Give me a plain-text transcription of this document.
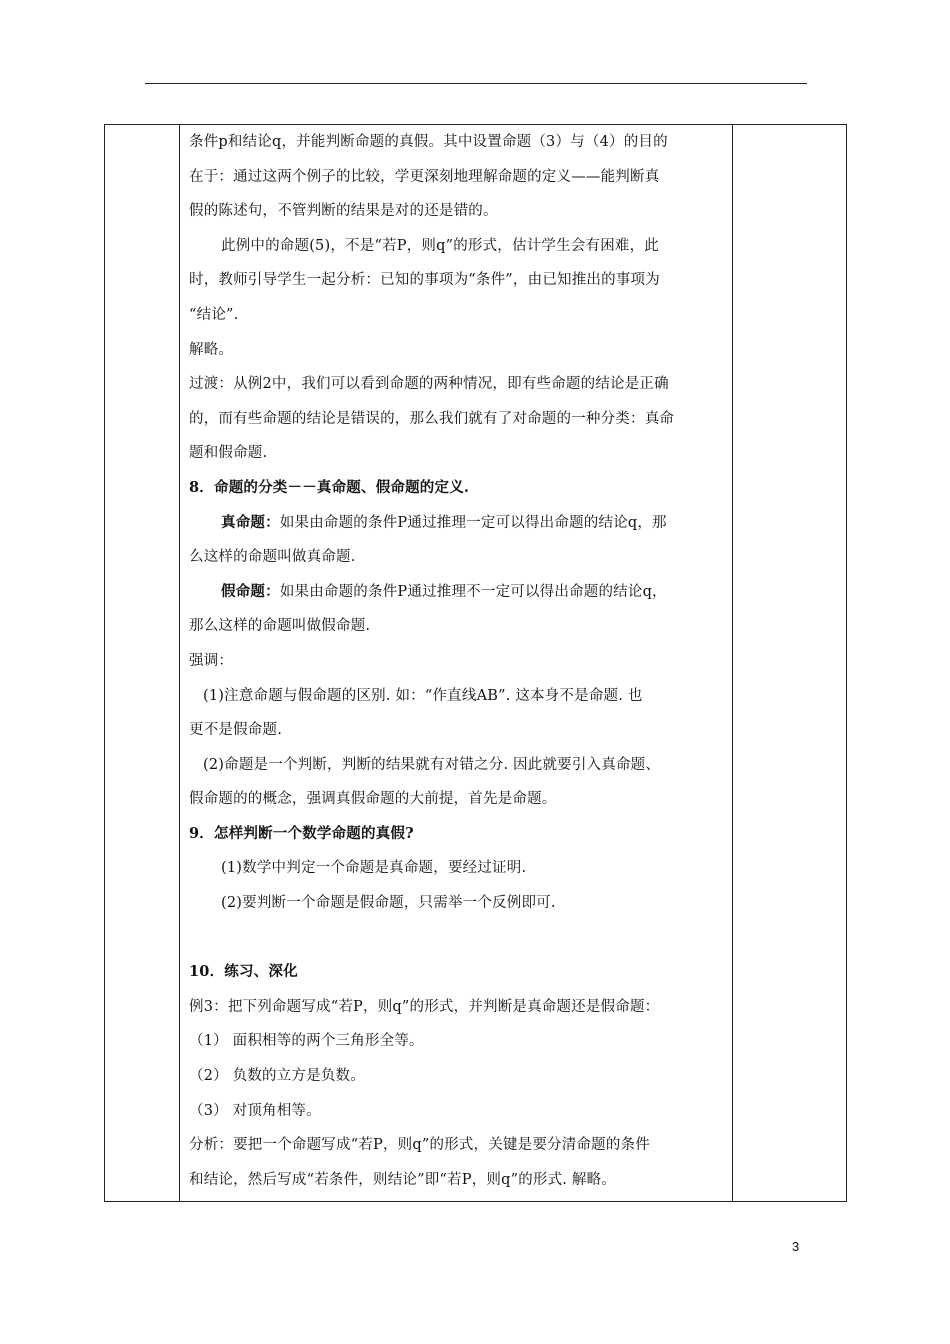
条件p和结论q，并能判断命题的真假。其中设置命题（3）与（4）的目的
在于：通过这两个例子的比较，学更深刻地理解命题的定义——能判断真
假的陈述句，不管判断的结果是对的还是错的。
此例中的命题(5)，不是“若P，则q”的形式，估计学生会有困难，此
时，教师引导学生一起分析：已知的事项为“条件”，由已知推出的事项为
“结论”.
解略。
过渡：从例2中，我们可以看到命题的两种情况，即有些命题的结论是正确
的，而有些命题的结论是错误的，那么我们就有了对命题的一种分类：真命
题和假命题.
8．命题的分类－－真命题、假命题的定义.
真命题：如果由命题的条件P通过推理一定可以得出命题的结论q，那
么这样的命题叫做真命题.
假命题：如果由命题的条件P通过推理不一定可以得出命题的结论q，
那么这样的命题叫做假命题.
强调：
(1)注意命题与假命题的区别. 如：“作直线AB”. 这本身不是命题. 也
更不是假命题.
(2)命题是一个判断，判断的结果就有对错之分. 因此就要引入真命题、
假命题的的概念，强调真假命题的大前提，首先是命题。
9．怎样判断一个数学命题的真假?
(1)数学中判定一个命题是真命题，要经过证明.
(2)要判断一个命题是假命题，只需举一个反例即可.
10．练习、深化
例3：把下列命题写成“若P，则q”的形式，并判断是真命题还是假命题：
（1） 面积相等的两个三角形全等。
（2） 负数的立方是负数。
（3） 对顶角相等。
分析：要把一个命题写成“若P，则q”的形式，关键是要分清命题的条件
和结论，然后写成“若条件，则结论”即“若P，则q”的形式. 解略。
3
